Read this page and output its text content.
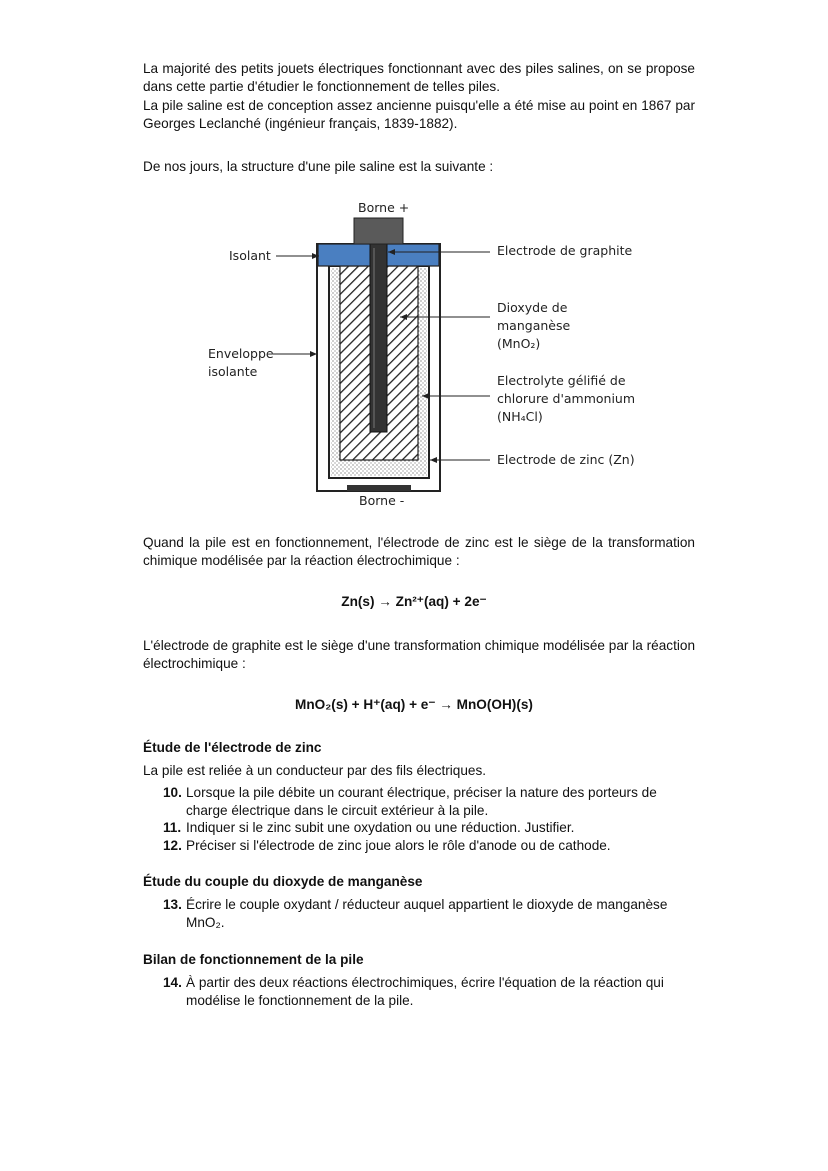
La majorité des petits jouets électriques fonctionnant avec des piles salines, on se propose dans cette partie d'étudier le fonctionnement de telles piles.

La pile saline est de conception assez ancienne puisqu'elle a été mise au point en 1867 par Georges Leclanché (ingénieur français, 1839-1882).

De nos jours, la structure d'une pile saline est la suivante :
Borne +
Borne -
Isolant
Enveloppe
isolante
Electrode de graphite
Dioxyde de
manganèse
(MnO₂)
Electrolyte gélifié de
chlorure d'ammonium
(NH₄Cl)
Electrode de zinc (Zn)
Quand la pile est en fonctionnement, l'électrode de zinc est le siège de la transformation chimique modélisée par la réaction électrochimique :
Zn(s) → Zn²⁺(aq) + 2e⁻
L'électrode de graphite est le siège d'une transformation chimique modélisée par la réaction électrochimique :
MnO₂(s) + H⁺(aq) + e⁻ → MnO(OH)(s)
Étude de l'électrode de zinc
La pile est reliée à un conducteur par des fils électriques.
10. Lorsque la pile débite un courant électrique, préciser la nature des porteurs de charge électrique dans le circuit extérieur à la pile.
11. Indiquer si le zinc subit une oxydation ou une réduction. Justifier.
12. Préciser si l'électrode de zinc joue alors le rôle d'anode ou de cathode.
Étude du couple du dioxyde de manganèse
13. Écrire le couple oxydant / réducteur auquel appartient le dioxyde de manganèse MnO₂.
Bilan de fonctionnement de la pile
14. À partir des deux réactions électrochimiques, écrire l'équation de la réaction qui modélise le fonctionnement de la pile.
